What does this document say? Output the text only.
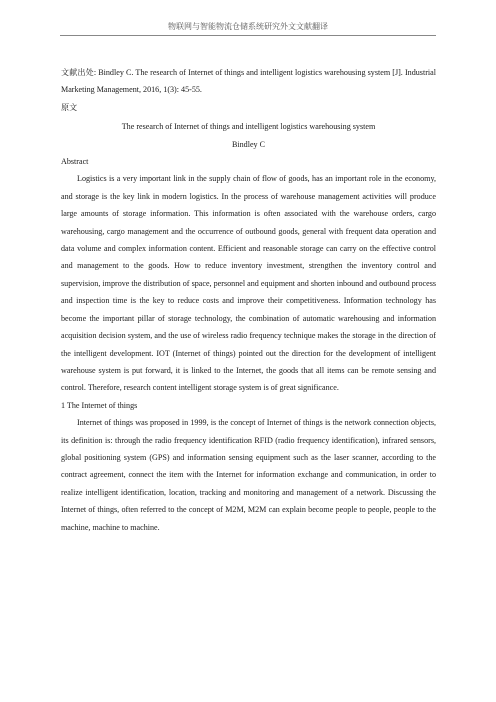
物联网与智能物流仓储系统研究外文文献翻译

文献出处: Bindley C. The research of Internet of things and intelligent logistics warehousing system [J]. Industrial Marketing Management, 2016, 1(3): 45-55.

原文

The research of Internet of things and intelligent logistics warehousing system

Bindley C

Abstract

Logistics is a very important link in the supply chain of flow of goods, has an important role in the economy, and storage is the key link in modern logistics. In the process of warehouse management activities will produce large amounts of storage information. This information is often associated with the warehouse orders, cargo warehousing, cargo management and the occurrence of outbound goods, general with frequent data operation and data volume and complex information content. Efficient and reasonable storage can carry on the effective control and management to the goods. How to reduce inventory investment, strengthen the inventory control and supervision, improve the distribution of space, personnel and equipment and shorten inbound and outbound process and inspection time is the key to reduce costs and improve their competitiveness. Information technology has become the important pillar of storage technology, the combination of automatic warehousing and information acquisition decision system, and the use of wireless radio frequency technique makes the storage in the direction of the intelligent development. IOT (Internet of things) pointed out the direction for the development of intelligent warehouse system is put forward, it is linked to the Internet, the goods that all items can be remote sensing and control. Therefore, research content intelligent storage system is of great significance.

1 The Internet of things

Internet of things was proposed in 1999, is the concept of Internet of things is the network connection objects, its definition is: through the radio frequency identification RFID (radio frequency identification), infrared sensors, global positioning system (GPS) and information sensing equipment such as the laser scanner, according to the contract agreement, connect the item with the Internet for information exchange and communication, in order to realize intelligent identification, location, tracking and monitoring and management of a network. Discussing the Internet of things, often referred to the concept of M2M, M2M can explain become people to people, people to the machine, machine to machine.
